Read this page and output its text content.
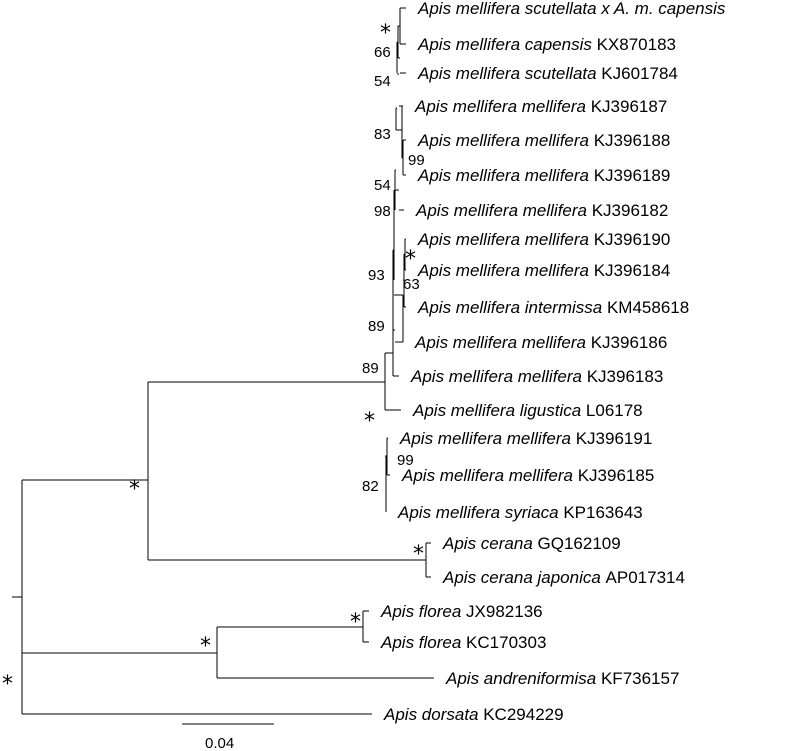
Apis mellifera scutellata x A. m. capensis
Apis mellifera capensis KX870183
Apis mellifera scutellata KJ601784
Apis mellifera mellifera KJ396187
Apis mellifera mellifera KJ396188
Apis mellifera mellifera KJ396189
Apis mellifera mellifera KJ396182
Apis mellifera mellifera KJ396190
Apis mellifera mellifera KJ396184
Apis mellifera intermissa KM458618
Apis mellifera mellifera KJ396186
Apis mellifera mellifera KJ396183
Apis mellifera ligustica L06178
Apis mellifera mellifera KJ396191
Apis mellifera mellifera KJ396185
Apis mellifera syriaca KP163643
Apis cerana GQ162109
Apis cerana japonica AP017314
Apis florea JX982136
Apis florea KC170303
Apis andreniformisa KF736157
Apis dorsata KC294229
*
66
54
83
99
54
98
*
63
93
89
89
*
99
82
*
*
*
*
*
0.04
